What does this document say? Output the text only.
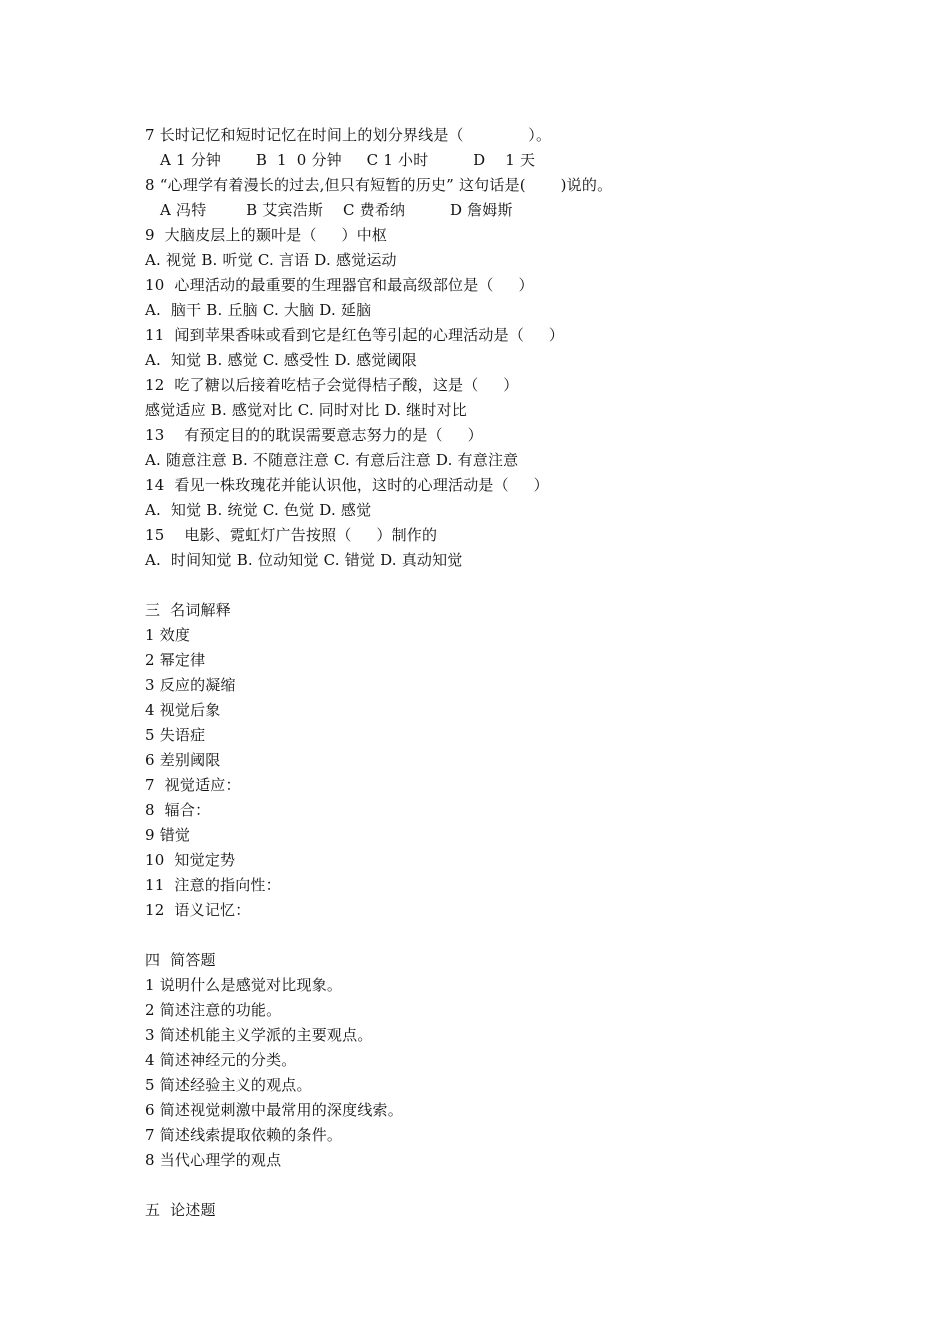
7 长时记忆和短时记忆在时间上的划分界线是（             ）。
A 1 分钟       B  1  0 分钟     C 1 小时         D    1 天
8 “心理学有着漫长的过去,但只有短暂的历史” 这句话是(       )说的。
A 冯特        B 艾宾浩斯    C 费希纳         D 詹姆斯
9  大脑皮层上的颞叶是（     ）中枢
A. 视觉 B. 听觉 C. 言语 D. 感觉运动
10  心理活动的最重要的生理器官和最高级部位是（     ）
A.  脑干 B. 丘脑 C. 大脑 D. 延脑
11  闻到苹果香味或看到它是红色等引起的心理活动是（     ）
A.  知觉 B. 感觉 C. 感受性 D. 感觉阈限
12  吃了糖以后接着吃桔子会觉得桔子酸，这是（     ）
感觉适应 B. 感觉对比 C. 同时对比 D. 继时对比
13    有预定目的的耽误需要意志努力的是（     ）
A. 随意注意 B. 不随意注意 C. 有意后注意 D. 有意注意
14  看见一株玫瑰花并能认识他，这时的心理活动是（     ）
A.  知觉 B. 统觉 C. 色觉 D. 感觉
15    电影、霓虹灯广告按照（     ）制作的
A.  时间知觉 B. 位动知觉 C. 错觉 D. 真动知觉
三  名词解释
1 效度
2 幂定律
3 反应的凝缩
4 视觉后象
5 失语症
6 差别阈限
7  视觉适应：
8  辐合：
9 错觉
10  知觉定势
11  注意的指向性：
12  语义记忆：
四  简答题
1 说明什么是感觉对比现象。
2 简述注意的功能。
3 简述机能主义学派的主要观点。
4 简述神经元的分类。
5 简述经验主义的观点。
6 简述视觉刺激中最常用的深度线索。
7 简述线索提取依赖的条件。
8 当代心理学的观点
五  论述题
